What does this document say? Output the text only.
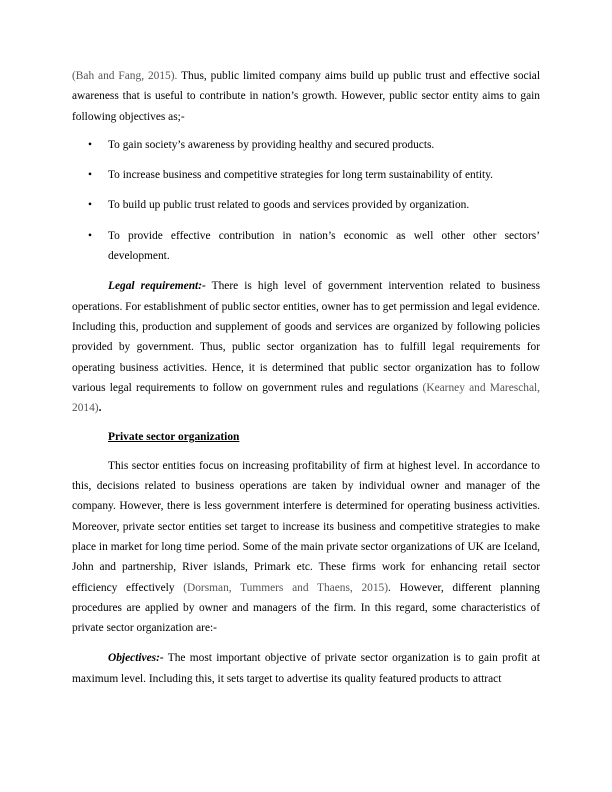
(Bah and Fang, 2015). Thus, public limited company aims build up public trust and effective social awareness that is useful to contribute in nation’s growth. However, public sector entity aims to gain following objectives as;-

• To gain society’s awareness by providing healthy and secured products.
• To increase business and competitive strategies for long term sustainability of entity.
• To build up public trust related to goods and services provided by organization.
• To provide effective contribution in nation’s economic as well other other sectors’ development.

Legal requirement:- There is high level of government intervention related to business operations. For establishment of public sector entities, owner has to get permission and legal evidence. Including this, production and supplement of goods and services are organized by following policies provided by government. Thus, public sector organization has to fulfill legal requirements for operating business activities. Hence, it is determined that public sector organization has to follow various legal requirements to follow on government rules and regulations (Kearney and Mareschal, 2014).

Private sector organization

This sector entities focus on increasing profitability of firm at highest level. In accordance to this, decisions related to business operations are taken by individual owner and manager of the company. However, there is less government interfere is determined for operating business activities. Moreover, private sector entities set target to increase its business and competitive strategies to make place in market for long time period. Some of the main private sector organizations of UK are Iceland, John and partnership, River islands, Primark etc. These firms work for enhancing retail sector efficiency effectively (Dorsman, Tummers and Thaens, 2015). However, different planning procedures are applied by owner and managers of the firm. In this regard, some characteristics of private sector organization are:-

Objectives:- The most important objective of private sector organization is to gain profit at maximum level. Including this, it sets target to advertise its quality featured products to attract
